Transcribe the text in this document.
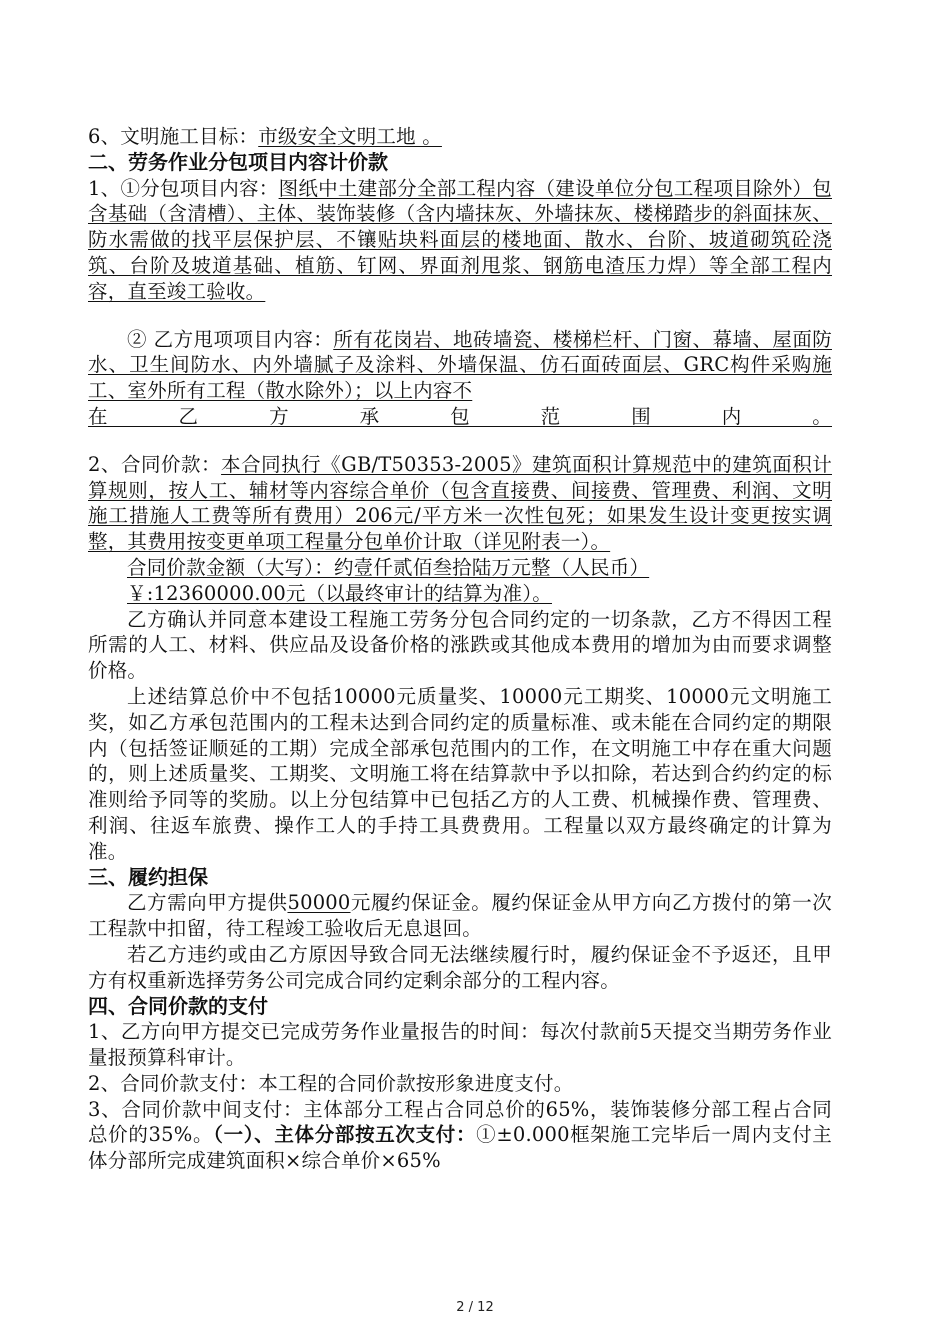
6、文明施工目标：市级安全文明工地 。

二、劳务作业分包项目内容计价款

1、①分包项目内容：图纸中土建部分全部工程内容（建设单位分包工程项目除外）包含基础（含清槽）、主体、装饰装修（含内墙抹灰、外墙抹灰、楼梯踏步的斜面抹灰、防水需做的找平层保护层、不镶贴块料面层的楼地面、散水、台阶、坡道砌筑砼浇筑、台阶及坡道基础、植筋、钉网、界面剂甩浆、钢筋电渣压力焊）等全部工程内容，直至竣工验收。

② 乙方甩项项目内容：所有花岗岩、地砖墙瓷、楼梯栏杆、门窗、幕墙、屋面防水、卫生间防水、内外墙腻子及涂料、外墙保温、仿石面砖面层、GRC构件采购施工、室外所有工程（散水除外）；以上内容不

在乙方承包范围内。

2、合同价款：本合同执行《GB/T50353-2005》建筑面积计算规范中的建筑面积计算规则，按人工、辅材等内容综合单价（包含直接费、间接费、管理费、利润、文明施工措施人工费等所有费用）206元/平方米一次性包死；如果发生设计变更按实调整，其费用按变更单项工程量分包单价计取（详见附表一）。

合同价款金额（大写）：约壹仟贰佰叁拾陆万元整（人民币）

￥:12360000.00元（以最终审计的结算为准）。

乙方确认并同意本建设工程施工劳务分包合同约定的一切条款，乙方不得因工程所需的人工、材料、供应品及设备价格的涨跌或其他成本费用的增加为由而要求调整价格。

上述结算总价中不包括10000元质量奖、10000元工期奖、10000元文明施工奖，如乙方承包范围内的工程未达到合同约定的质量标准、或未能在合同约定的期限内（包括签证顺延的工期）完成全部承包范围内的工作，在文明施工中存在重大问题的，则上述质量奖、工期奖、文明施工将在结算款中予以扣除，若达到合约约定的标准则给予同等的奖励。以上分包结算中已包括乙方的人工费、机械操作费、管理费、利润、往返车旅费、操作工人的手持工具费费用。工程量以双方最终确定的计算为准。

三、履约担保

乙方需向甲方提供50000元履约保证金。履约保证金从甲方向乙方拨付的第一次工程款中扣留，待工程竣工验收后无息退回。

若乙方违约或由乙方原因导致合同无法继续履行时，履约保证金不予返还，且甲方有权重新选择劳务公司完成合同约定剩余部分的工程内容。

四、合同价款的支付

1、乙方向甲方提交已完成劳务作业量报告的时间：每次付款前5天提交当期劳务作业量报预算科审计。

2、合同价款支付：本工程的合同价款按形象进度支付。

3、合同价款中间支付：主体部分工程占合同总价的65%，装饰装修分部工程占合同总价的35%。（一）、主体分部按五次支付：①±0.000框架施工完毕后一周内支付主体分部所完成建筑面积×综合单价×65%

2 / 12
